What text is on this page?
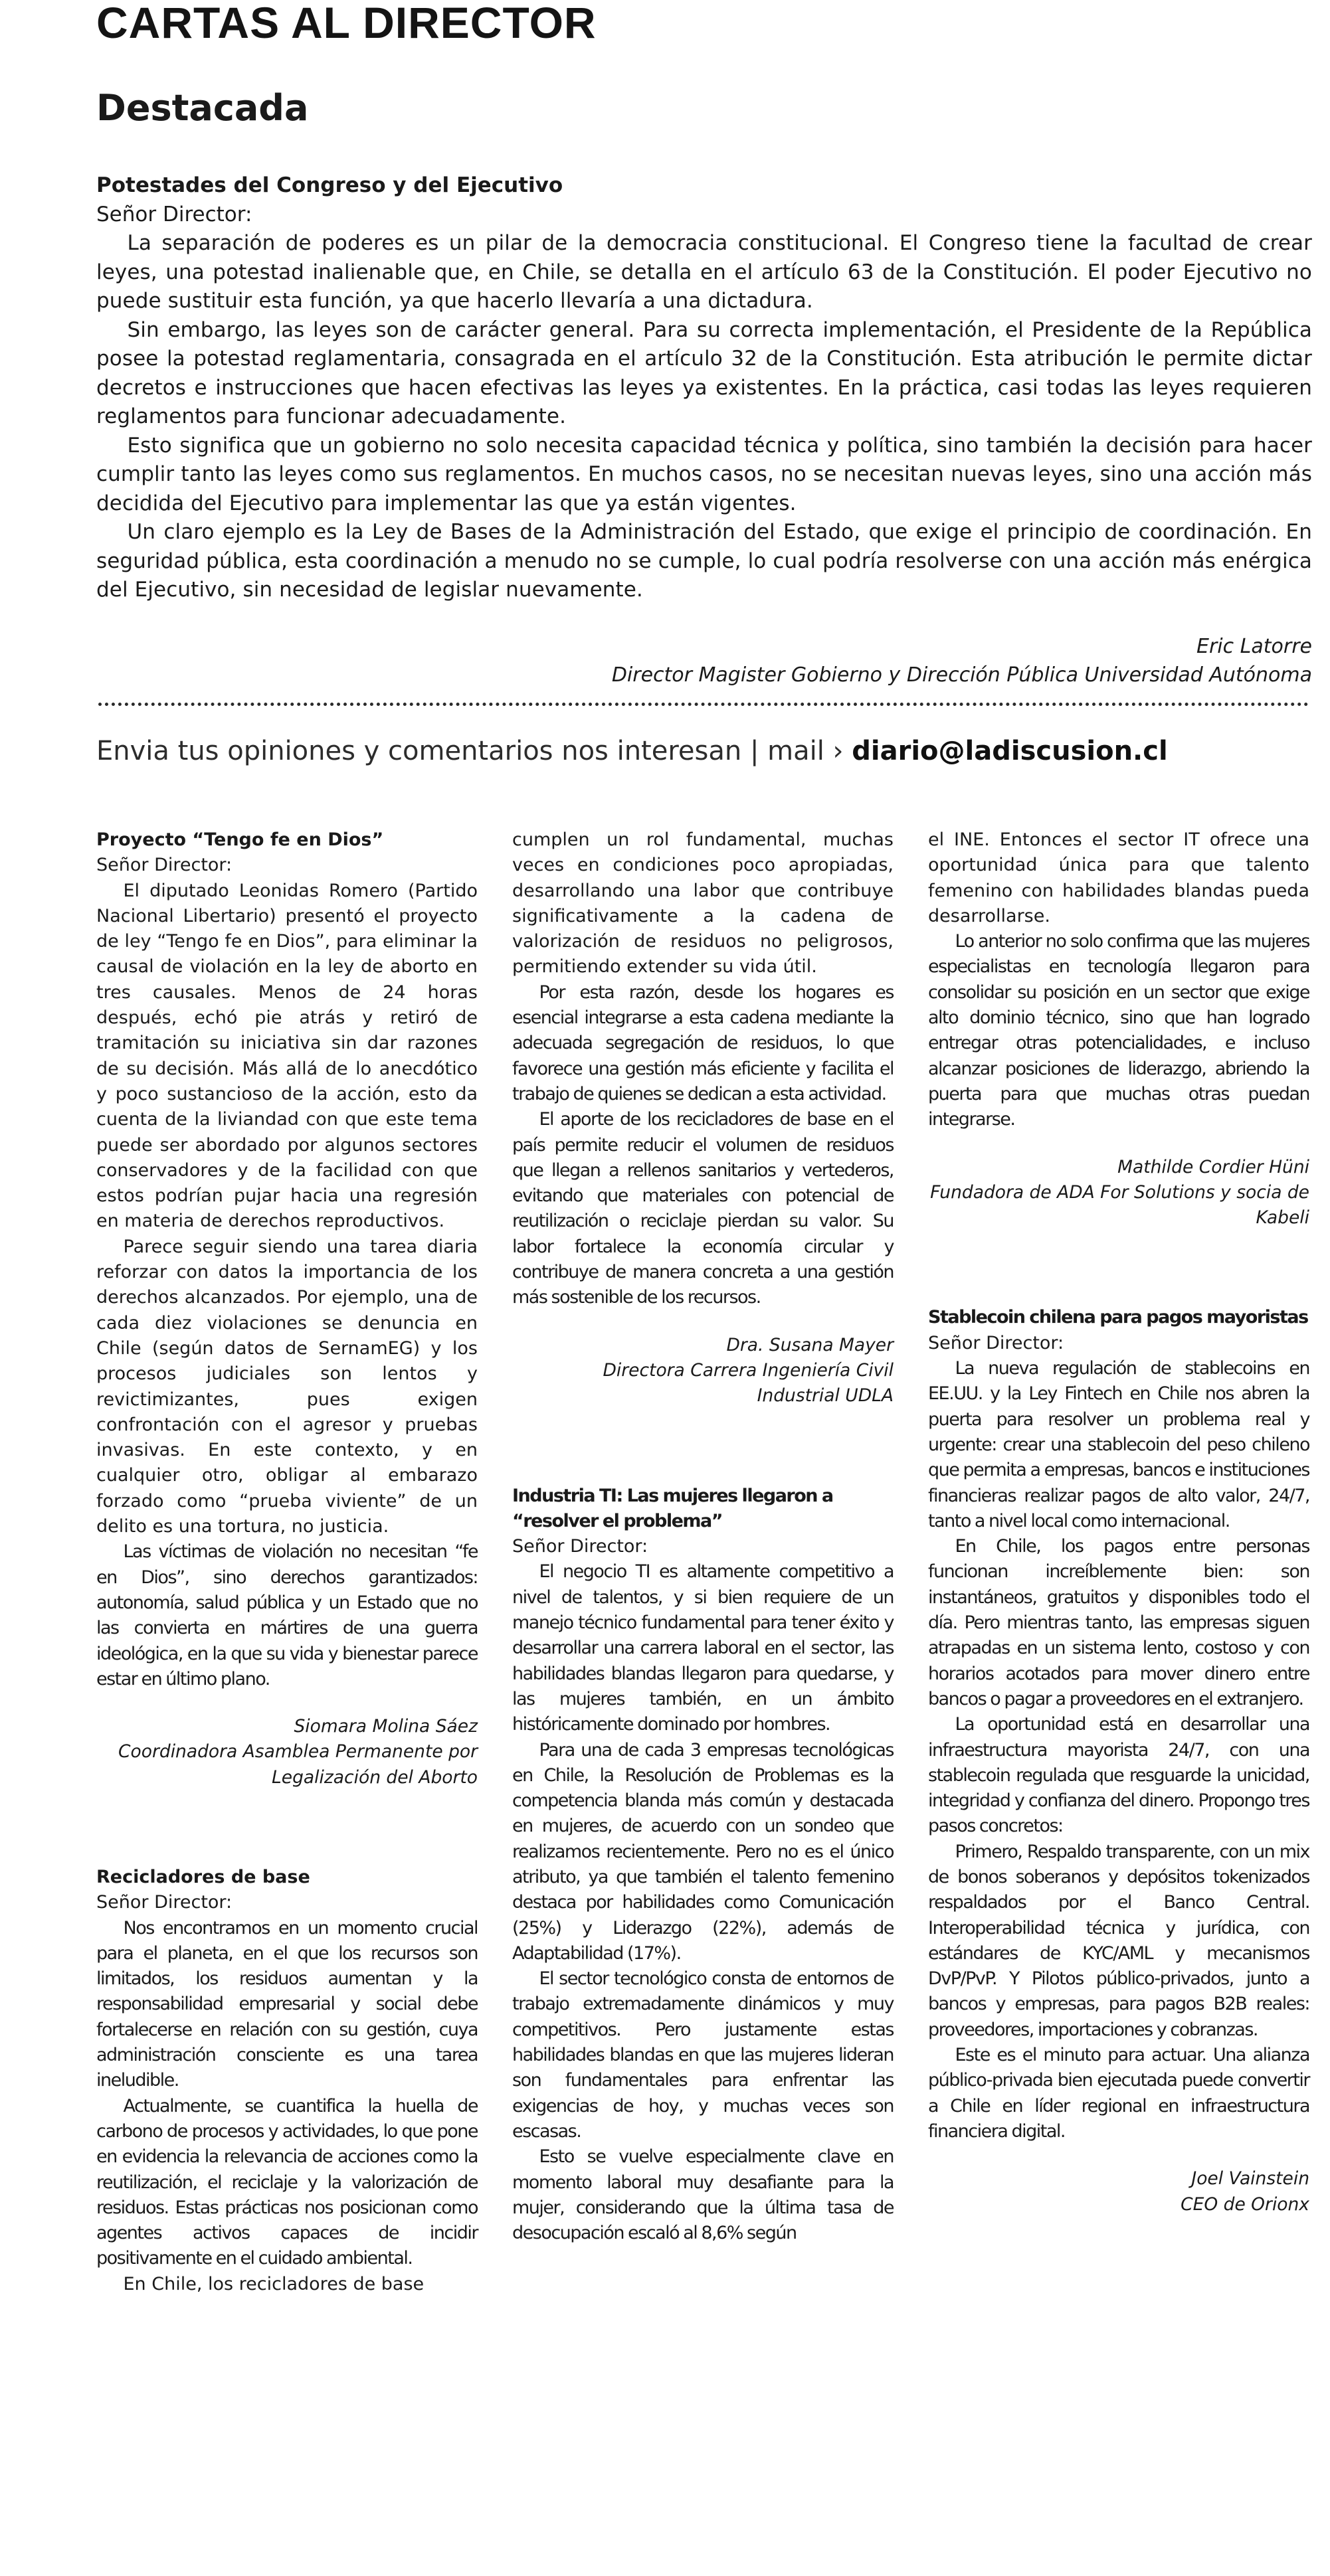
CARTAS AL DIRECTOR
Destacada
Potestades del Congreso y del Ejecutivo

Señor Director:

La separación de poderes es un pilar de la democracia constitucional. El Congreso tiene la facultad de crear leyes, una potestad inalienable que, en Chile, se detalla en el artículo 63 de la Constitución. El poder Ejecutivo no puede sustituir esta función, ya que hacerlo llevaría a una dictadura.

Sin embargo, las leyes son de carácter general. Para su correcta implementación, el Presidente de la República posee la potestad reglamentaria, consagrada en el artículo 32 de la Constitución. Esta atribución le permite dictar decretos e instrucciones que hacen efectivas las leyes ya existentes. En la práctica, casi todas las leyes requieren reglamentos para funcionar adecuadamente.

Esto significa que un gobierno no solo necesita capacidad técnica y política, sino también la decisión para hacer cumplir tanto las leyes como sus reglamentos. En muchos casos, no se necesitan nuevas leyes, sino una acción más decidida del Ejecutivo para implementar las que ya están vigentes.

Un claro ejemplo es la Ley de Bases de la Administración del Estado, que exige el principio de coordinación. En seguridad pública, esta coordinación a menudo no se cumple, lo cual podría resolverse con una acción más enérgica del Ejecutivo, sin necesidad de legislar nuevamente.

Eric Latorre
Director Magister Gobierno y Dirección Pública Universidad Autónoma
Envia tus opiniones y comentarios nos interesan | mail › diario@ladiscusion.cl
Proyecto “Tengo fe en Dios”

Señor Director:

El diputado Leonidas Romero (Partido Nacional Libertario) presentó el proyecto de ley “Tengo fe en Dios”, para eliminar la causal de violación en la ley de aborto en tres causales. Menos de 24 horas después, echó pie atrás y retiró de tramitación su iniciativa sin dar razones de su decisión. Más allá de lo anecdótico y poco sustancioso de la acción, esto da cuenta de la liviandad con que este tema puede ser abordado por algunos sectores conservadores y de la facilidad con que estos podrían pujar hacia una regresión en materia de derechos reproductivos.

Parece seguir siendo una tarea diaria reforzar con datos la importancia de los derechos alcanzados. Por ejemplo, una de cada diez violaciones se denuncia en Chile (según datos de SernamEG) y los procesos judiciales son lentos y revictimizantes, pues exigen confrontación con el agresor y pruebas invasivas. En este contexto, y en cualquier otro, obligar al embarazo forzado como “prueba viviente” de un delito es una tortura, no justicia.

Las víctimas de violación no necesitan “fe en Dios”, sino derechos garantizados: autonomía, salud pública y un Estado que no las convierta en mártires de una guerra ideológica, en la que su vida y bienestar parece estar en último plano.

Siomara Molina Sáez
Coordinadora Asamblea Permanente por
Legalización del Aborto
Recicladores de base

Señor Director:

Nos encontramos en un momento crucial para el planeta, en el que los recursos son limitados, los residuos aumentan y la responsabilidad empresarial y social debe fortalecerse en relación con su gestión, cuya administración consciente es una tarea ineludible.

Actualmente, se cuantifica la huella de carbono de procesos y actividades, lo que pone en evidencia la relevancia de acciones como la reutilización, el reciclaje y la valorización de residuos. Estas prácticas nos posicionan como agentes activos capaces de incidir positivamente en el cuidado ambiental.

En Chile, los recicladores de base

cumplen un rol fundamental, muchas veces en condiciones poco apropiadas, desarrollando una labor que contribuye significativamente a la cadena de valorización de residuos no peligrosos, permitiendo extender su vida útil.

Por esta razón, desde los hogares es esencial integrarse a esta cadena mediante la adecuada segregación de residuos, lo que favorece una gestión más eficiente y facilita el trabajo de quienes se dedican a esta actividad.

El aporte de los recicladores de base en el país permite reducir el volumen de residuos que llegan a rellenos sanitarios y vertederos, evitando que materiales con potencial de reutilización o reciclaje pierdan su valor. Su labor fortalece la economía circular y contribuye de manera concreta a una gestión más sostenible de los recursos.

Dra. Susana Mayer
Directora Carrera Ingeniería Civil
Industrial UDLA
Industria TI: Las mujeres llegaron a “resolver el problema”

Señor Director:

El negocio TI es altamente competitivo a nivel de talentos, y si bien requiere de un manejo técnico fundamental para tener éxito y desarrollar una carrera laboral en el sector, las habilidades blandas llegaron para quedarse, y las mujeres también, en un ámbito históricamente dominado por hombres.

Para una de cada 3 empresas tecnológicas en Chile, la Resolución de Problemas es la competencia blanda más común y destacada en mujeres, de acuerdo con un sondeo que realizamos recientemente. Pero no es el único atributo, ya que también el talento femenino destaca por habilidades como Comunicación (25%) y Liderazgo (22%), además de Adaptabilidad (17%).

El sector tecnológico consta de entornos de trabajo extremadamente dinámicos y muy competitivos. Pero justamente estas habilidades blandas en que las mujeres lideran son fundamentales para enfrentar las exigencias de hoy, y muchas veces son escasas.

Esto se vuelve especialmente clave en momento laboral muy desafiante para la mujer, considerando que la última tasa de desocupación escaló al 8,6% según

el INE. Entonces el sector IT ofrece una oportunidad única para que talento femenino con habilidades blandas pueda desarrollarse.

Lo anterior no solo confirma que las mujeres especialistas en tecnología llegaron para consolidar su posición en un sector que exige alto dominio técnico, sino que han logrado entregar otras potencialidades, e incluso alcanzar posiciones de liderazgo, abriendo la puerta para que muchas otras puedan integrarse.

Mathilde Cordier Hüni
Fundadora de ADA For Solutions y socia de
Kabeli
Stablecoin chilena para pagos mayoristas

Señor Director:

La nueva regulación de stablecoins en EE.UU. y la Ley Fintech en Chile nos abren la puerta para resolver un problema real y urgente: crear una stablecoin del peso chileno que permita a empresas, bancos e instituciones financieras realizar pagos de alto valor, 24/7, tanto a nivel local como internacional.

En Chile, los pagos entre personas funcionan increíblemente bien: son instantáneos, gratuitos y disponibles todo el día. Pero mientras tanto, las empresas siguen atrapadas en un sistema lento, costoso y con horarios acotados para mover dinero entre bancos o pagar a proveedores en el extranjero.

La oportunidad está en desarrollar una infraestructura mayorista 24/7, con una stablecoin regulada que resguarde la unicidad, integridad y confianza del dinero. Propongo tres pasos concretos:

Primero, Respaldo transparente, con un mix de bonos soberanos y depósitos tokenizados respaldados por el Banco Central. Interoperabilidad técnica y jurídica, con estándares de KYC/AML y mecanismos DvP/PvP. Y Pilotos público-privados, junto a bancos y empresas, para pagos B2B reales: proveedores, importaciones y cobranzas.

Este es el minuto para actuar. Una alianza público-privada bien ejecutada puede convertir a Chile en líder regional en infraestructura financiera digital.

Joel Vainstein
CEO de Orionx
